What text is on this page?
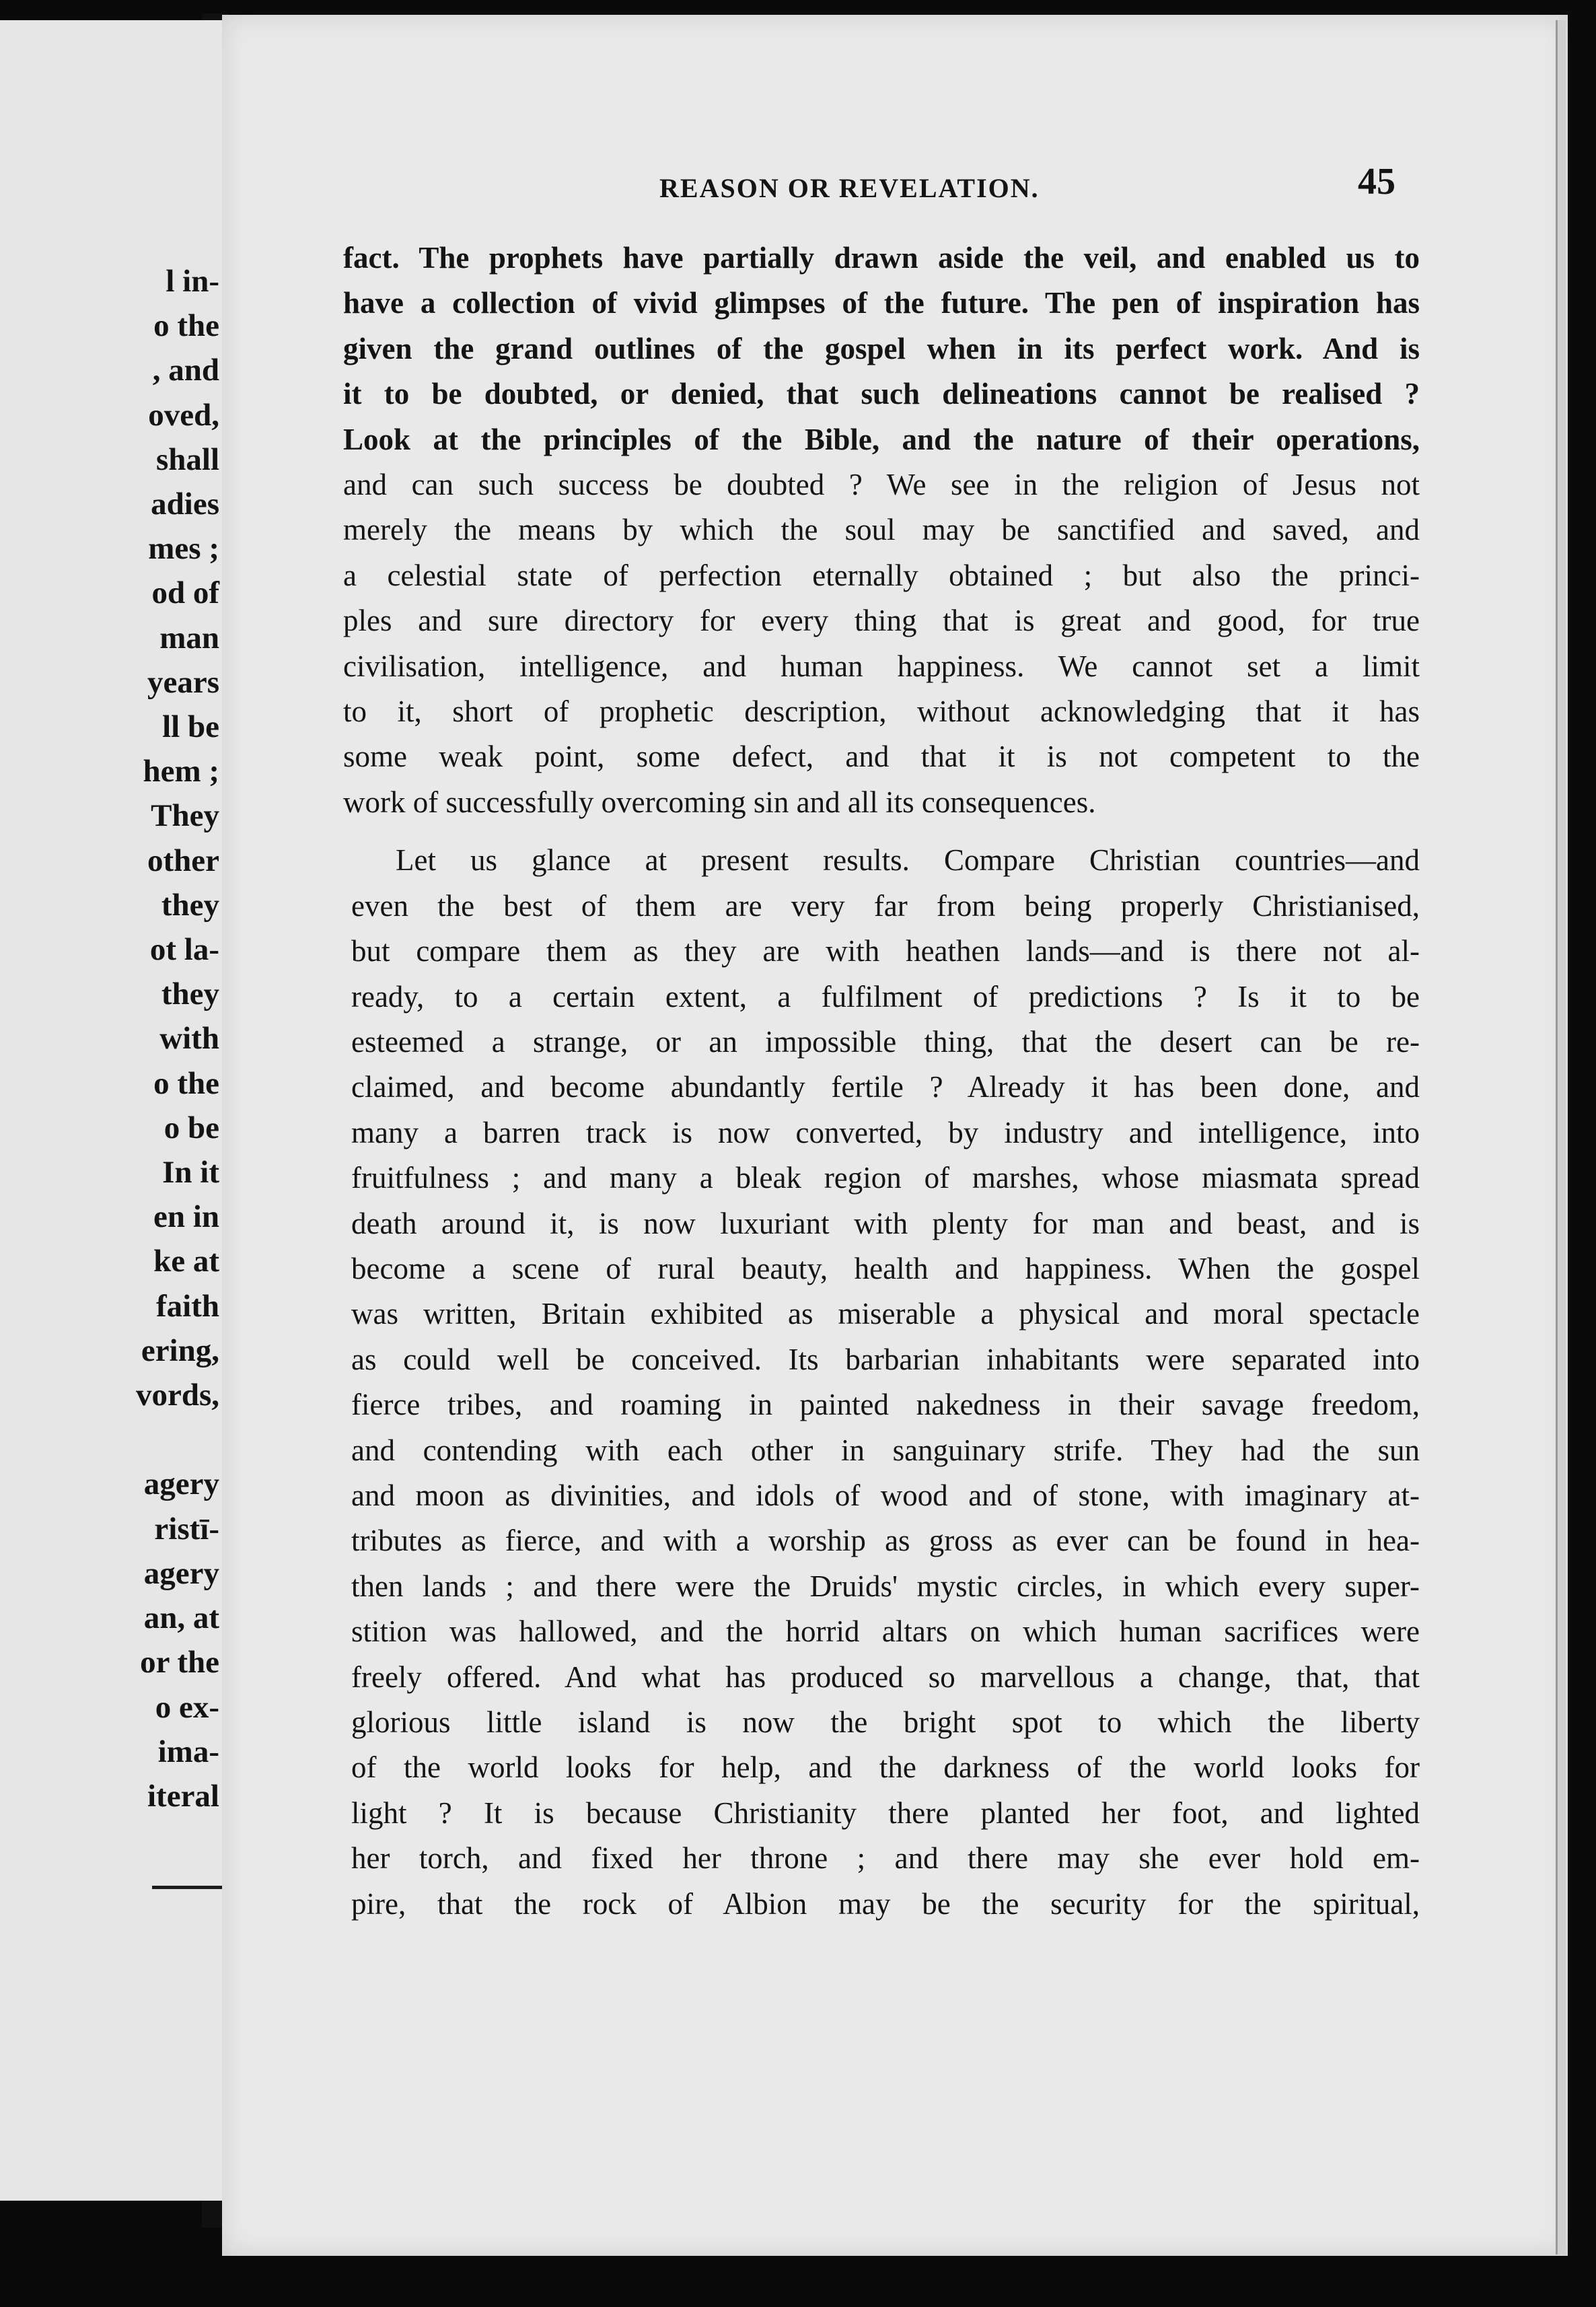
l in-
o the
, and
oved,
shall
adies
mes ;
od of
man
years
ll be
hem ;
They
other
they
ot la-
they
with
o the
o be
In it
en in
ke at
faith
ering,
vords,

agery
ristī-
agery
an, at
or the
o ex-
ima-
iteral
REASON OR REVELATION.	45

fact. The prophets have partially drawn aside the veil, and enabled us to
have a collection of vivid glimpses of the future. The pen of inspiration has
given the grand outlines of the gospel when in its perfect work. And is
it to be doubted, or denied, that such delineations cannot be realised ?
Look at the principles of the Bible, and the nature of their operations,
and can such success be doubted ? We see in the religion of Jesus not
merely the means by which the soul may be sanctified and saved, and
a celestial state of perfection eternally obtained ; but also the princi-
ples and sure directory for every thing that is great and good, for true
civilisation, intelligence, and human happiness. We cannot set a limit
to it, short of prophetic description, without acknowledging that it has
some weak point, some defect, and that it is not competent to the
work of successfully overcoming sin and all its consequences.

Let us glance at present results. Compare Christian countries—and
even the best of them are very far from being properly Christianised,
but compare them as they are with heathen lands—and is there not al-
ready, to a certain extent, a fulfilment of predictions ? Is it to be
esteemed a strange, or an impossible thing, that the desert can be re-
claimed, and become abundantly fertile ? Already it has been done, and
many a barren track is now converted, by industry and intelligence, into
fruitfulness ; and many a bleak region of marshes, whose miasmata spread
death around it, is now luxuriant with plenty for man and beast, and is
become a scene of rural beauty, health and happiness. When the gospel
was written, Britain exhibited as miserable a physical and moral spectacle
as could well be conceived. Its barbarian inhabitants were separated into
fierce tribes, and roaming in painted nakedness in their savage freedom,
and contending with each other in sanguinary strife. They had the sun
and moon as divinities, and idols of wood and of stone, with imaginary at-
tributes as fierce, and with a worship as gross as ever can be found in hea-
then lands ; and there were the Druids' mystic circles, in which every super-
stition was hallowed, and the horrid altars on which human sacrifices were
freely offered. And what has produced so marvellous a change, that, that
glorious little island is now the bright spot to which the liberty
of the world looks for help, and the darkness of the world looks for
light ? It is because Christianity there planted her foot, and lighted
her torch, and fixed her throne ; and there may she ever hold em-
pire, that the rock of Albion may be the security for the spiritual,
